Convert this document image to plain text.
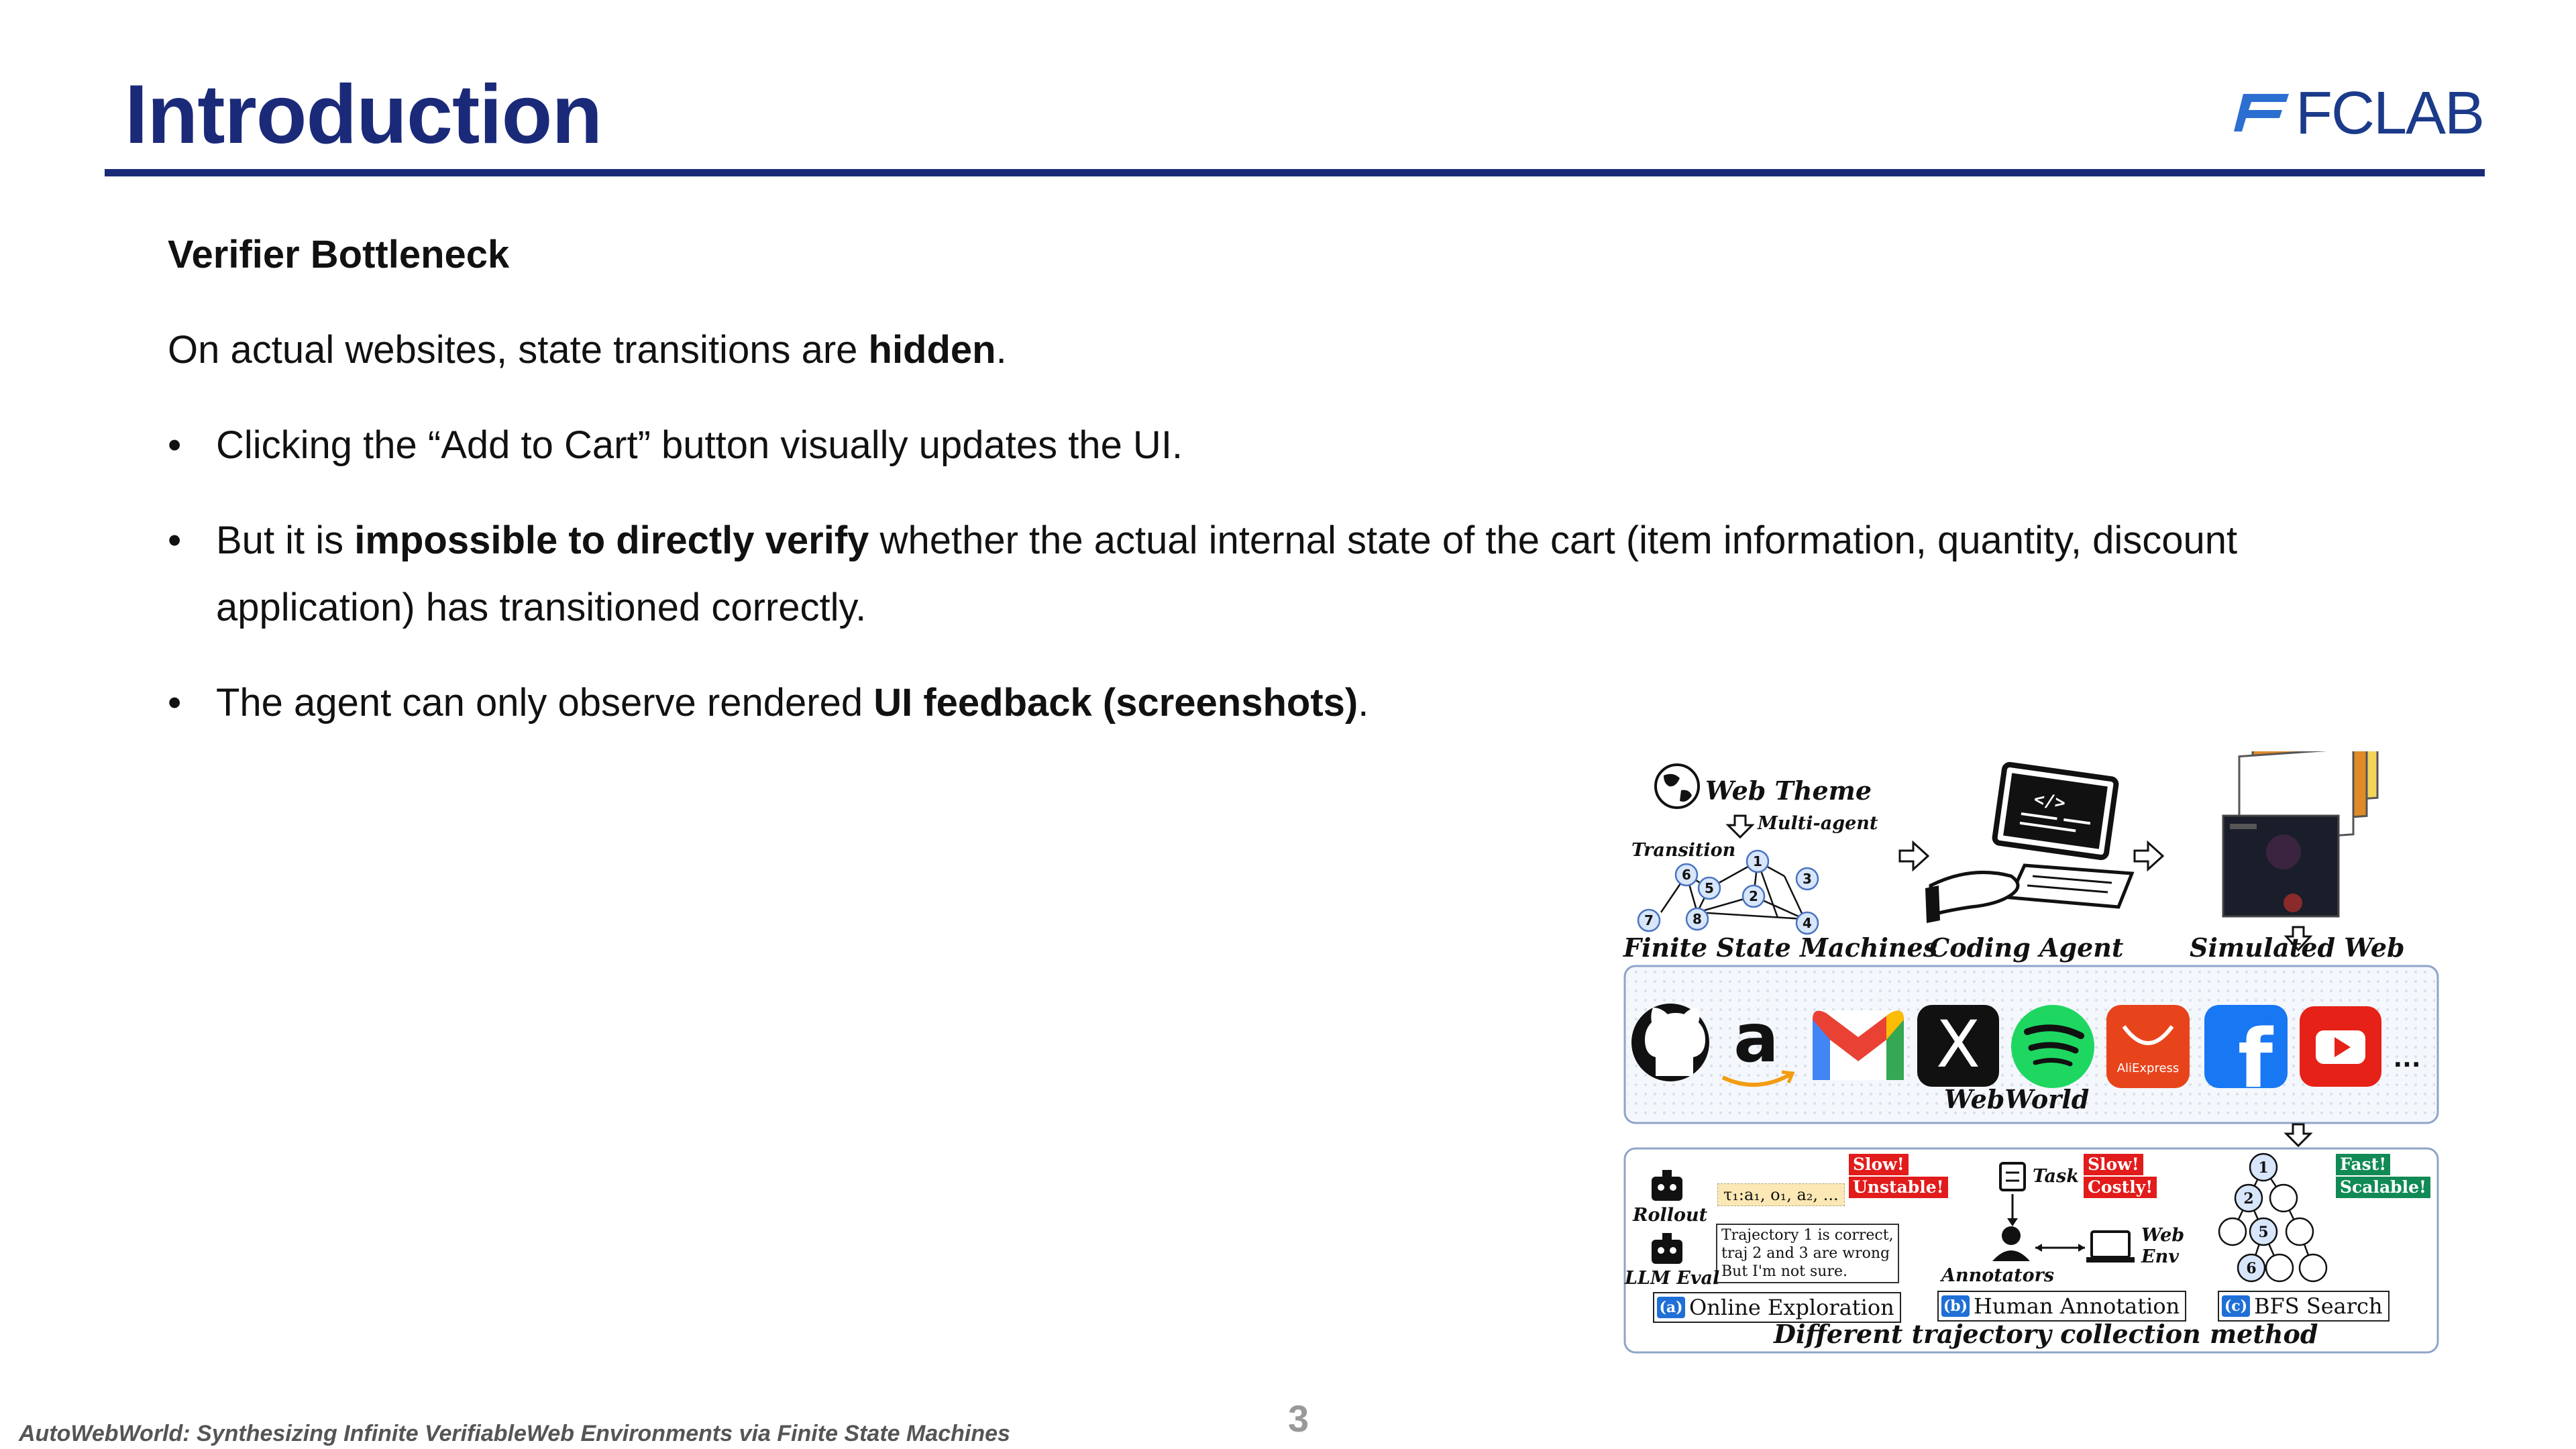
Introduction	FCLAB
Verifier Bottleneck
On actual websites, state transitions are hidden.
• Clicking the “Add to Cart” button visually updates the UI.
• But it is impossible to directly verify whether the actual internal state of the cart (item information, quantity, discount application) has transitioned correctly.
• The agent can only observe rendered UI feedback (screenshots).
1
2
3
4
5
6
7	8
</>
a X	AliExpress f	...
1
2
5
6
Web Theme
Multi-agent
Transition
Finite State Machines
Coding Agent	Simulated Web
WebWorld
Slow!
Unstable!
τ₁:a₁, o₁, a₂, ...
Rollout
Trajectory 1 is correct,
traj 2 and 3 are wrong
But I'm not sure.
LLM Eval
Task
Slow!
Costly!
Web
Env
Annotators
Fast!
Scalable!
(a) Online Exploration	(b) Human Annotation	(c) BFS Search
Different trajectory collection method
AutoWebWorld: Synthesizing Infinite VerifiableWeb Environments via Finite State Machines	3
